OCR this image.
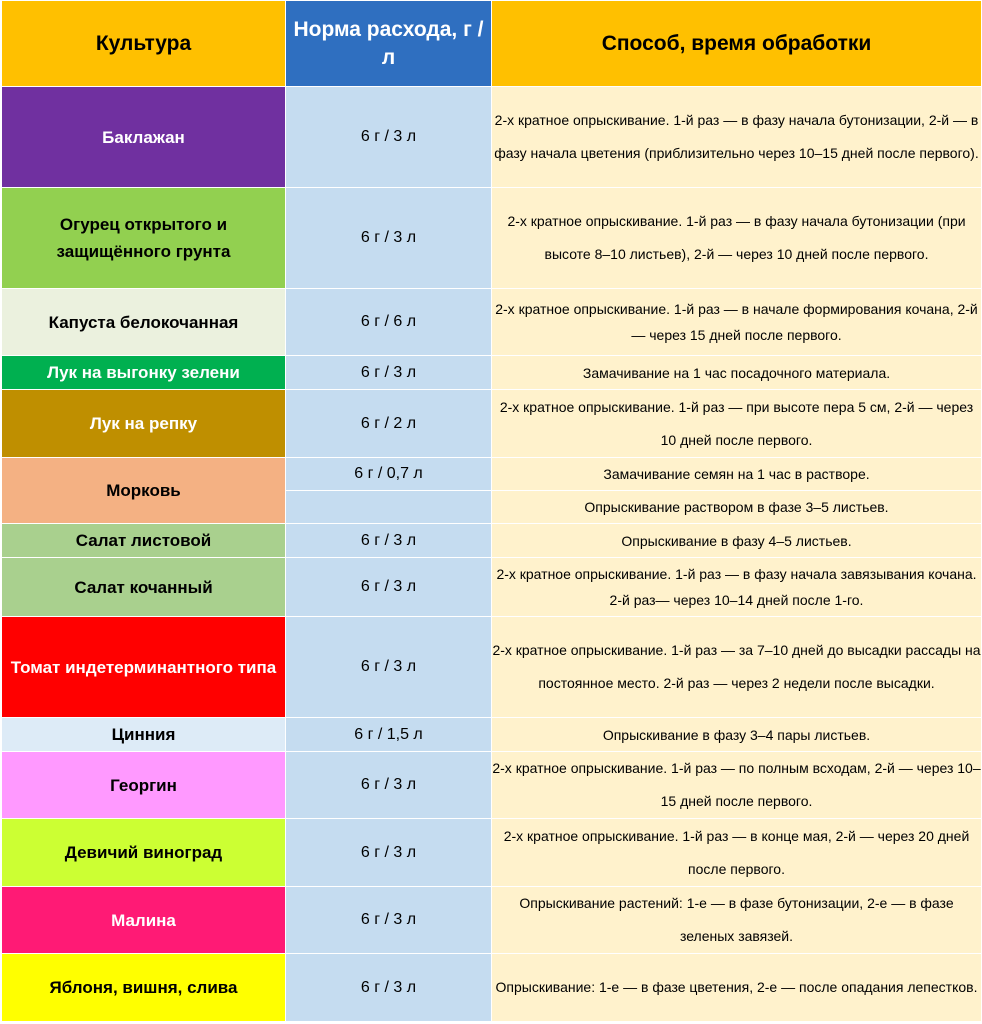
Культура	Норма расхода, г / л	Способ, время обработки
Баклажан	6 г / 3 л	2-х кратное опрыскивание. 1-й раз — в фазу начала бутонизации, 2-й — в фазу начала цветения (приблизительно через 10–15 дней после первого).
Огурец открытого и защищённого грунта	6 г / 3 л	2-х кратное опрыскивание. 1-й раз — в фазу начала бутонизации (при высоте 8–10 листьев), 2-й — через 10 дней после первого.
Капуста белокочанная	6 г / 6 л	2-х кратное опрыскивание. 1-й раз — в начале формирования кочана, 2-й — через 15 дней после первого.
Лук на выгонку зелени	6 г / 3 л	Замачивание на 1 час посадочного материала.
Лук на репку	6 г / 2 л	2-х кратное опрыскивание. 1-й раз — при высоте пера 5 см, 2-й — через 10 дней после первого.
Морковь	6 г / 0,7 л	Замачивание семян на 1 час в растворе.
		Опрыскивание раствором в фазе 3–5 листьев.
Салат листовой	6 г / 3 л	Опрыскивание в фазу 4–5 листьев.
Салат кочанный	6 г / 3 л	2-х кратное опрыскивание. 1-й раз — в фазу начала завязывания кочана. 2-й раз— через 10–14 дней после 1-го.
Томат индетерминантного типа	6 г / 3 л	2-х кратное опрыскивание. 1-й раз — за 7–10 дней до высадки рассады на постоянное место. 2-й раз — через 2 недели после высадки.
Цинния	6 г / 1,5 л	Опрыскивание в фазу 3–4 пары листьев.
Георгин	6 г / 3 л	2-х кратное опрыскивание. 1-й раз — по полным всходам, 2-й — через 10–15 дней после первого.
Девичий виноград	6 г / 3 л	2-х кратное опрыскивание. 1-й раз — в конце мая, 2-й — через 20 дней после первого.
Малина	6 г / 3 л	Опрыскивание растений: 1-е — в фазе бутонизации, 2-е — в фазе зеленых завязей.
Яблоня, вишня, слива	6 г / 3 л	Опрыскивание: 1-е — в фазе цветения, 2-е — после опадания лепестков.
